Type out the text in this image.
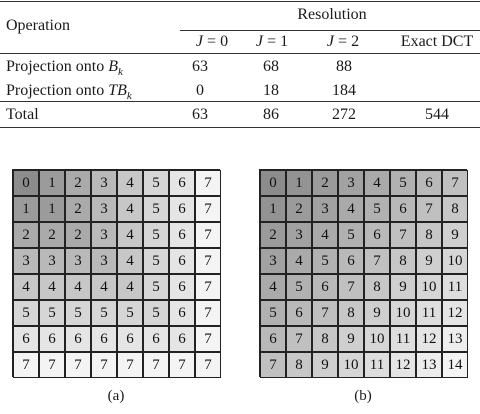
Operation
Resolution
J = 0 J = 1 J = 2	Exact DCT
Projection onto $B_k$	63	68	88
Projection onto $TB_k$	0	18	184
Total	63	86	272	544
0	1	2	3	4	5	6	7
1	1	2	3	4	5	6	7
2	2	2	3	4	5	6	7
3	3	3	3	4	5	6	7
4	4	4	4	4	5	6	7
5	5	5	5	5	5	6	7
6	6	6	6	6	6	6	7
7	7	7	7	7	7	7	7
(a)
0	1	2	3	4	5	6	7
1	2	3	4	5	6	7	8
2	3	4	5	6	7	8	9
3	4	5	6	7	8	9 10
4	5	6	7	8	9 10 11
5	6	7	8	9 10 11 12
6	7	8	9 10 11 12 13
7	8	9 10 11 12 13 14
(b)
